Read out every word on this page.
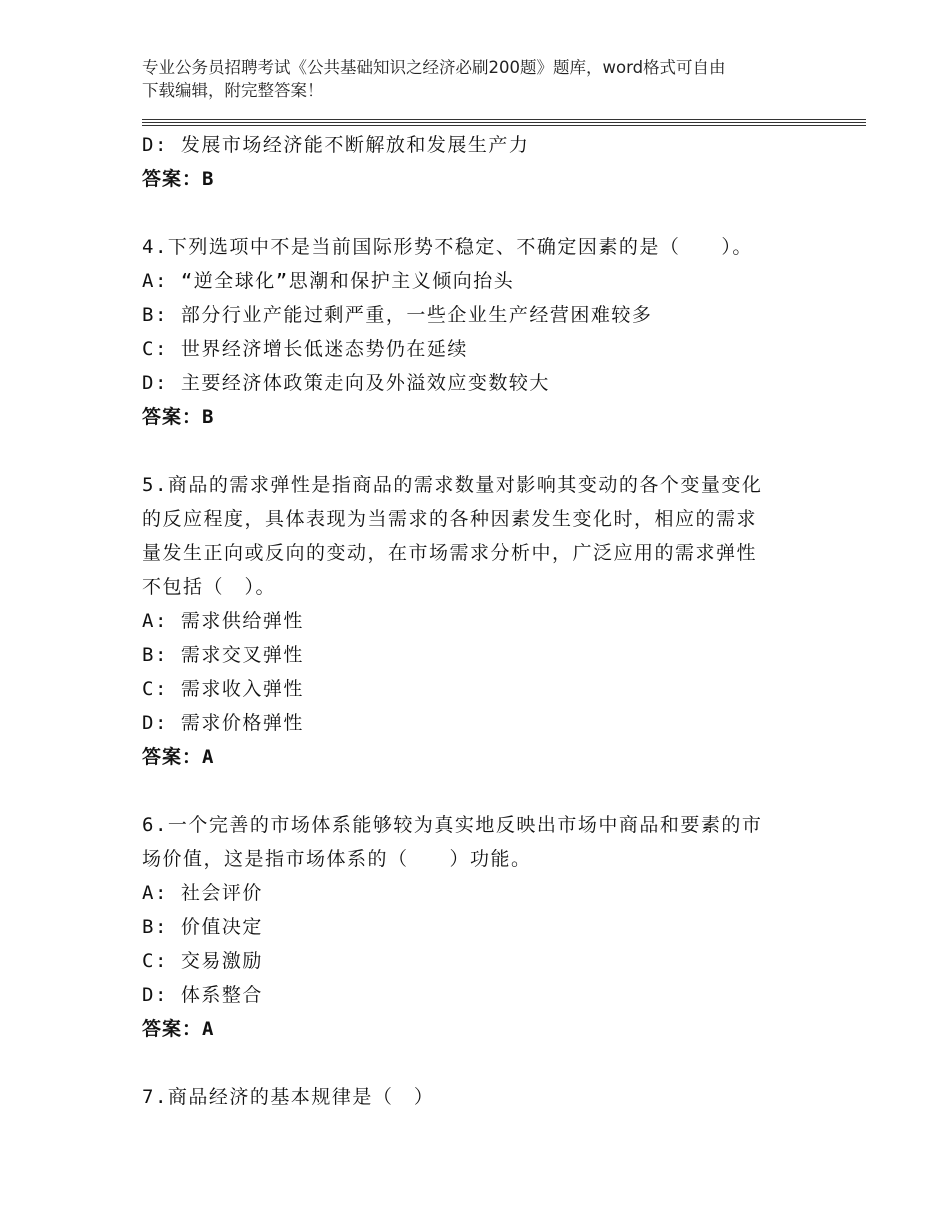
专业公务员招聘考试《公共基础知识之经济必刷200题》题库，word格式可自由
下载编辑，附完整答案！
D: 发展市场经济能不断解放和发展生产力
答案：B
4.下列选项中不是当前国际形势不稳定、不确定因素的是（　　）。
A: “逆全球化”思潮和保护主义倾向抬头
B: 部分行业产能过剩严重，一些企业生产经营困难较多
C: 世界经济增长低迷态势仍在延续
D: 主要经济体政策走向及外溢效应变数较大
答案：B
5.商品的需求弹性是指商品的需求数量对影响其变动的各个变量变化
的反应程度，具体表现为当需求的各种因素发生变化时，相应的需求
量发生正向或反向的变动，在市场需求分析中，广泛应用的需求弹性
不包括（　）。
A: 需求供给弹性
B: 需求交叉弹性
C: 需求收入弹性
D: 需求价格弹性
答案：A
6.一个完善的市场体系能够较为真实地反映出市场中商品和要素的市
场价值，这是指市场体系的（　　）功能。
A: 社会评价
B: 价值决定
C: 交易激励
D: 体系整合
答案：A
7.商品经济的基本规律是（　）
